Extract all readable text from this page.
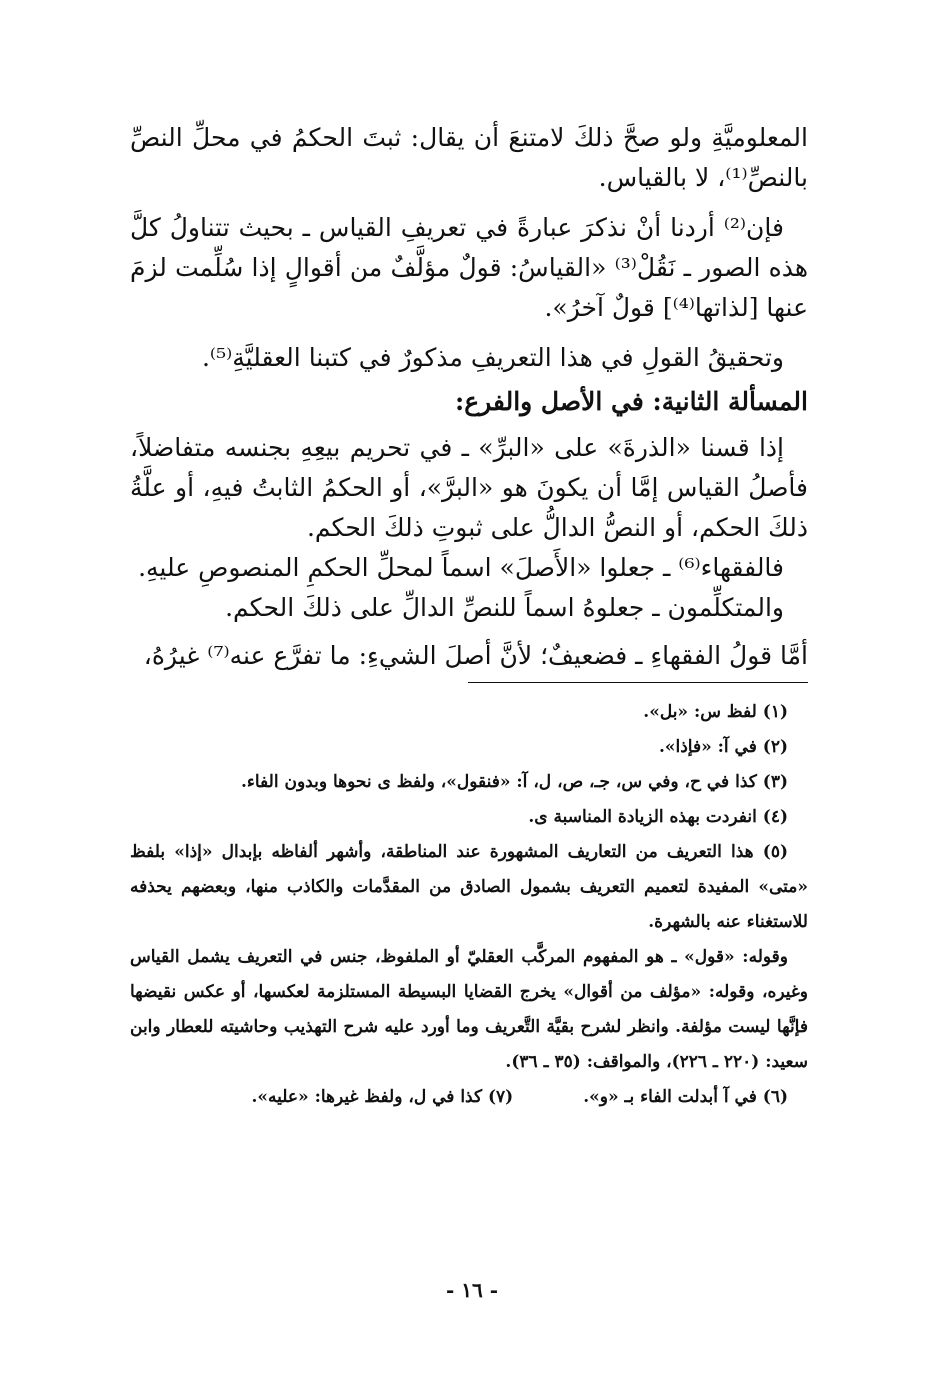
المعلوميَّةِ ولو صحَّ ذلكَ لامتنعَ أن يقال: ثبتَ الحكمُ في محلِّ النصِّ بالنصِّ⁽¹⁾، لا بالقياس.

فإن⁽²⁾ أردنا أنْ نذكرَ عبارةً في تعريفِ القياس ـ بحيث تتناولُ كلَّ هذه الصور ـ نَقُلْ⁽³⁾ «القياسُ: قولٌ مؤلَّفٌ من أقوالٍ إذا سُلِّمت لزمَ عنها [لذاتها⁽⁴⁾] قولٌ آخرُ».

وتحقيقُ القولِ في هذا التعريفِ مذكورٌ في كتبنا العقليَّةِ⁽⁵⁾.

المسألة الثانية: في الأصل والفرع:

إذا قسنا «الذرةَ» على «البرِّ» ـ في تحريم بيعِهِ بجنسه متفاضلاً، فأصلُ القياس إمَّا أن يكونَ هو «البرَّ»، أو الحكمُ الثابتُ فيهِ، أو علَّةُ ذلكَ الحكم، أو النصُّ الدالُّ على ثبوتِ ذلكَ الحكم.

فالفقهاء⁽⁶⁾ ـ جعلوا «الأَصلَ» اسماً لمحلِّ الحكمِ المنصوصِ عليهِ.

والمتكلِّمون ـ جعلوهُ اسماً للنصِّ الدالِّ على ذلكَ الحكم.

أمَّا قولُ الفقهاءِ ـ فضعيفٌ؛ لأنَّ أصلَ الشيءِ: ما تفرَّع عنه⁽⁷⁾ غيرُهُ،

(١) لفظ س: «بل».

(٢) في آ: «فإذا».

(٣) كذا في ح، وفي س، جـ، ص، ل، آ: «فنقول»، ولفظ ى نحوها وبدون الفاء.

(٤) انفردت بهذه الزيادة المناسبة ى.

(٥) هذا التعريف من التعاريف المشهورة عند المناطقة، وأشهر ألفاظه بإبدال «إذا» بلفظ «متى» المفيدة لتعميم التعريف بشمول الصادق من المقدَّمات والكاذب منها، وبعضهم يحذفه للاستغناء عنه بالشهرة.

وقوله: «قول» ـ هو المفهوم المركَّب العقليّ أو الملفوظ، جنس في التعريف يشمل القياس وغيره، وقوله: «مؤلف من أقوال» يخرج القضايا البسيطة المستلزمة لعكسها، أو عكس نقيضها فإنَّها ليست مؤلفة. وانظر لشرح بقيَّة التَّعريف وما أورد عليه شرح التهذيب وحاشيته للعطار وابن سعيد: (٢٢٠ ـ ٢٢٦)، والمواقف: (٣٥ ـ ٣٦).

(٦) في آ أبدلت الفاء بـ «و».

(٧) كذا في ل، ولفظ غيرها: «عليه».

- ١٦ -
